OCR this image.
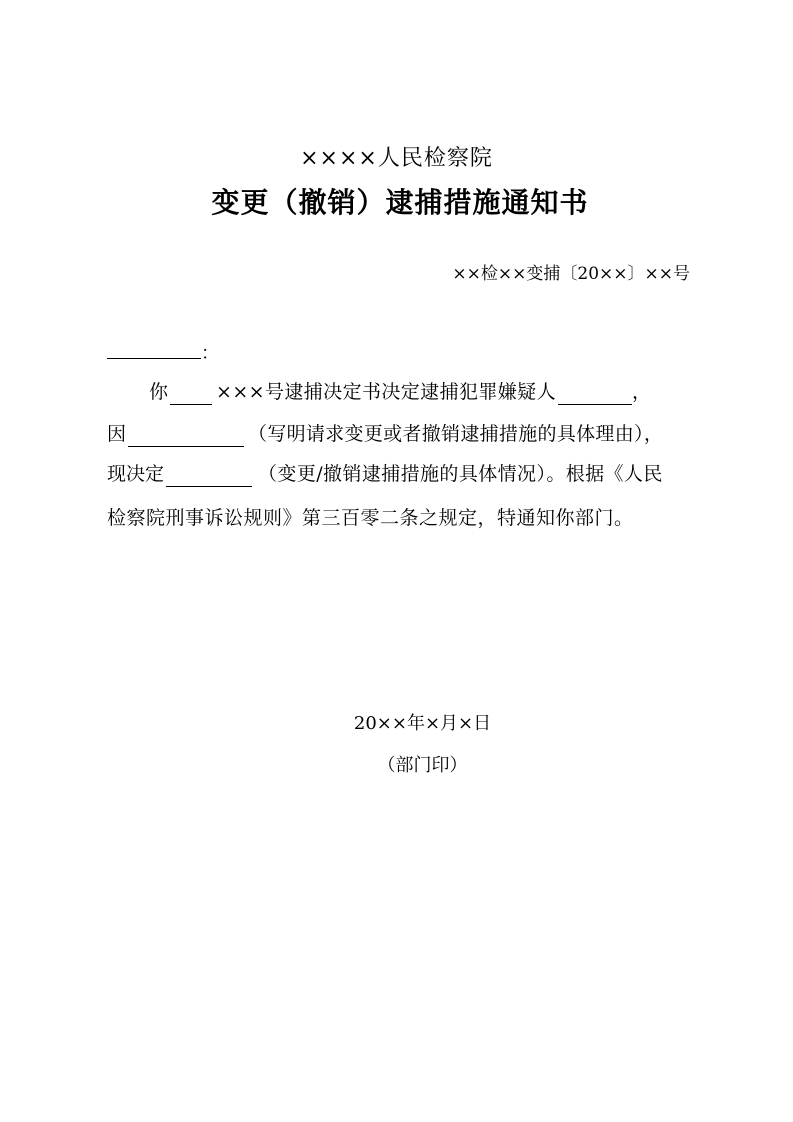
××××人民检察院
变更（撤销）逮捕措施通知书
××检××变捕〔20××〕××号
：
你	×××号逮捕决定书决定逮捕犯罪嫌疑人	，
因	（写明请求变更或者撤销逮捕措施的具体理由），
现决定	（变更/撤销逮捕措施的具体情况）。根据《人民
检察院刑事诉讼规则》第三百零二条之规定，特通知你部门。
20××年×月×日
（部门印）
